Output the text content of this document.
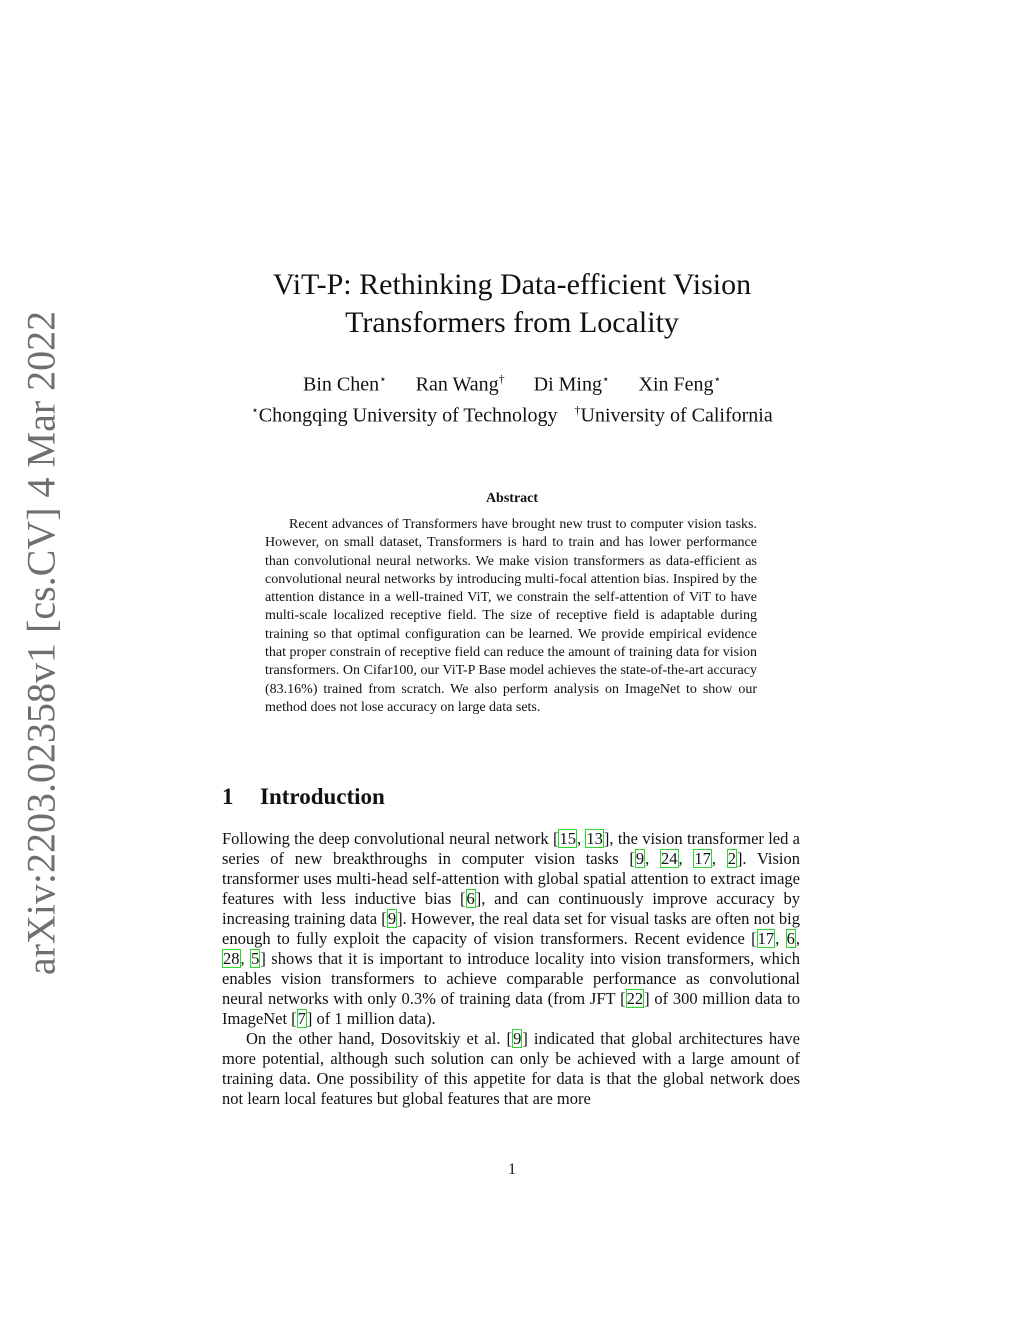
arXiv:2203.02358v1 [cs.CV] 4 Mar 2022
ViT-P: Rethinking Data-efficient Vision
Transformers from Locality
Bin Chen⋆ Ran Wang† Di Ming⋆ Xin Feng⋆
⋆Chongqing University of Technology †University of California
Abstract

Recent advances of Transformers have brought new trust to computer vision tasks. However, on small dataset, Transformers is hard to train and has lower performance than convolutional neural networks. We make vision transformers as data-efficient as convolutional neural networks by introducing multi-focal attention bias. Inspired by the attention distance in a well-trained ViT, we constrain the self-attention of ViT to have multi-scale localized receptive field. The size of receptive field is adaptable during training so that optimal configuration can be learned. We provide empirical evidence that proper constrain of receptive field can reduce the amount of training data for vision transformers. On Cifar100, our ViT-P Base model achieves the state-of-the-art accuracy (83.16%) trained from scratch. We also perform analysis on ImageNet to show our method does not lose accuracy on large data sets.

1 Introduction

Following the deep convolutional neural network [15, 13], the vision transformer led a series of new breakthroughs in computer vision tasks [9, 24, 17, 2]. Vision transformer uses multi-head self-attention with global spatial attention to extract image features with less inductive bias [6], and can continuously improve accuracy by increasing training data [9]. However, the real data set for visual tasks are often not big enough to fully exploit the capacity of vision transformers. Recent evidence [17, 6, 28, 5] shows that it is important to introduce locality into vision transformers, which enables vision transformers to achieve comparable performance as convolutional neural networks with only 0.3% of training data (from JFT [22] of 300 million data to ImageNet [7] of 1 million data).

On the other hand, Dosovitskiy et al. [9] indicated that global architectures have more potential, although such solution can only be achieved with a large amount of training data. One possibility of this appetite for data is that the global network does not learn local features but global features that are more

1
